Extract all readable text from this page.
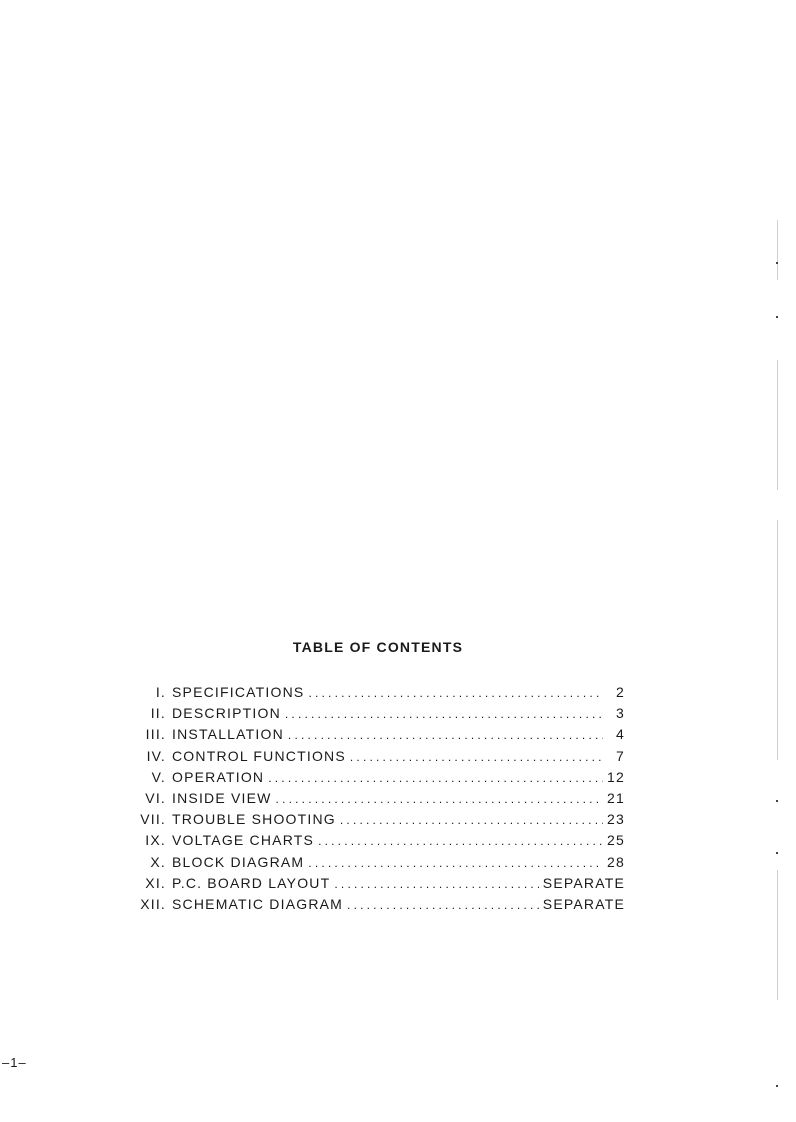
TABLE OF CONTENTS
I. SPECIFICATIONS .....	2
II. DESCRIPTION .....	3
III. INSTALLATION .....	4
IV. CONTROL FUNCTIONS .....	7
V. OPERATION .....	12
VI. INSIDE VIEW .....	21
VII. TROUBLE SHOOTING .....	23
IX. VOLTAGE CHARTS .....	25
X. BLOCK DIAGRAM .....	28
XI. P.C. BOARD LAYOUT .....	SEPARATE
XII. SCHEMATIC DIAGRAM .....	SEPARATE
–1–
